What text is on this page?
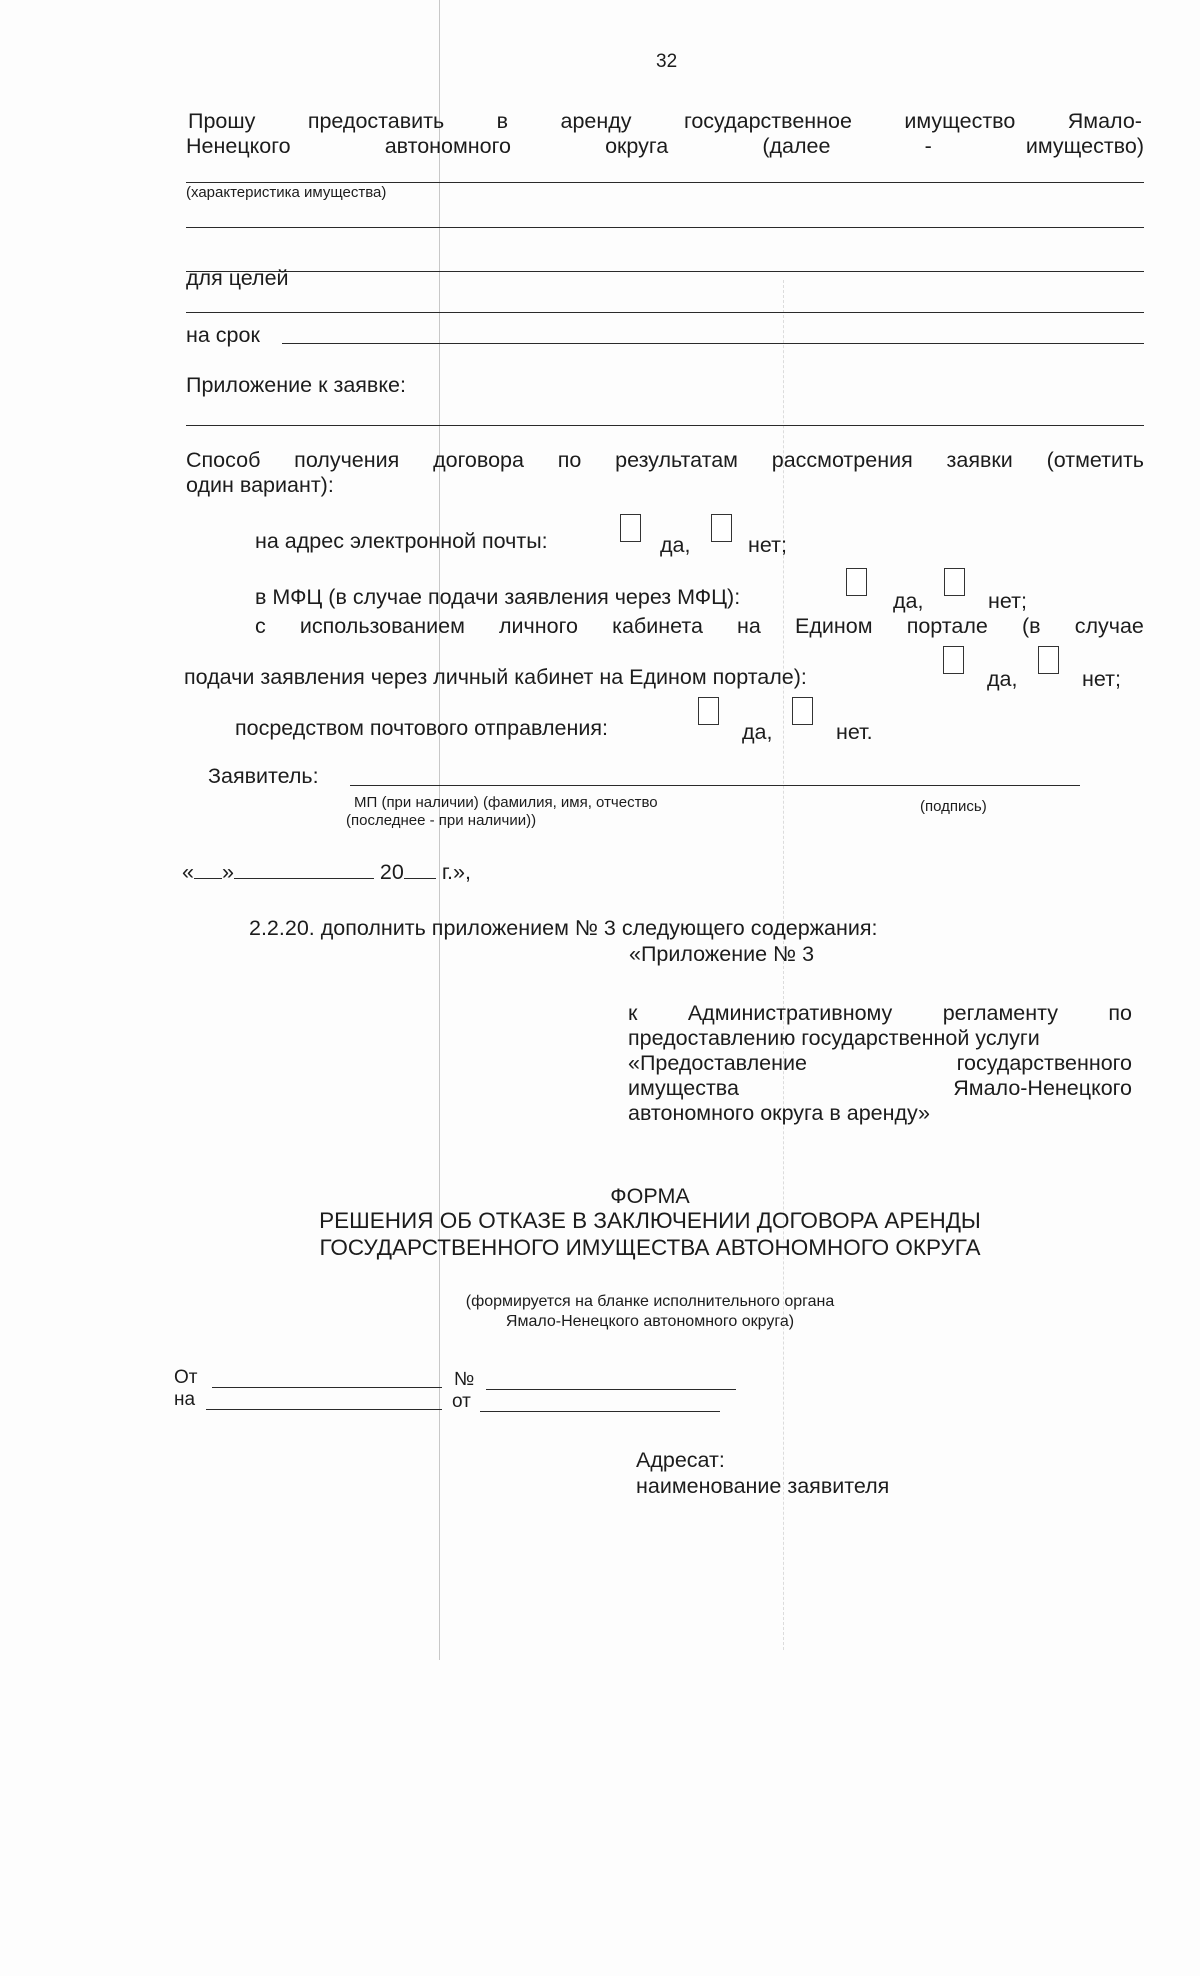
32
Прошу предоставить в аренду государственное имущество Ямало-
Ненецкого	автономного	округа	(далее	-	имущество)
(характеристика имущества)
для целей
на срок
Приложение к заявке:
Способ получения договора по результатам рассмотрения заявки (отметить
один вариант):
на адрес электронной почты:	да,	нет;
в МФЦ (в случае подачи заявления через МФЦ):	да,	нет;
с использованием личного кабинета на Едином портале (в случае
подачи заявления через личный кабинет на Едином портале):	да,	нет;
посредством почтового отправления:	да,	нет.
Заявитель:
МП (при наличии) (фамилия, имя, отчество
(последнее - при наличии))
(подпись)
« »	20 г.»,
2.2.20. дополнить приложением № 3 следующего содержания:
«Приложение № 3
к Административному регламенту по
предоставлению государственной услуги
«Предоставление	государственного
имущества	Ямало-Ненецкого
автономного округа в аренду»
ФОРМА
РЕШЕНИЯ ОБ ОТКАЗЕ В ЗАКЛЮЧЕНИИ ДОГОВОРА АРЕНДЫ
ГОСУДАРСТВЕННОГО ИМУЩЕСТВА АВТОНОМНОГО ОКРУГА
(формируется на бланке исполнительного органа
Ямало-Ненецкого автономного округа)
От	№
на	от
Адресат:
наименование заявителя
